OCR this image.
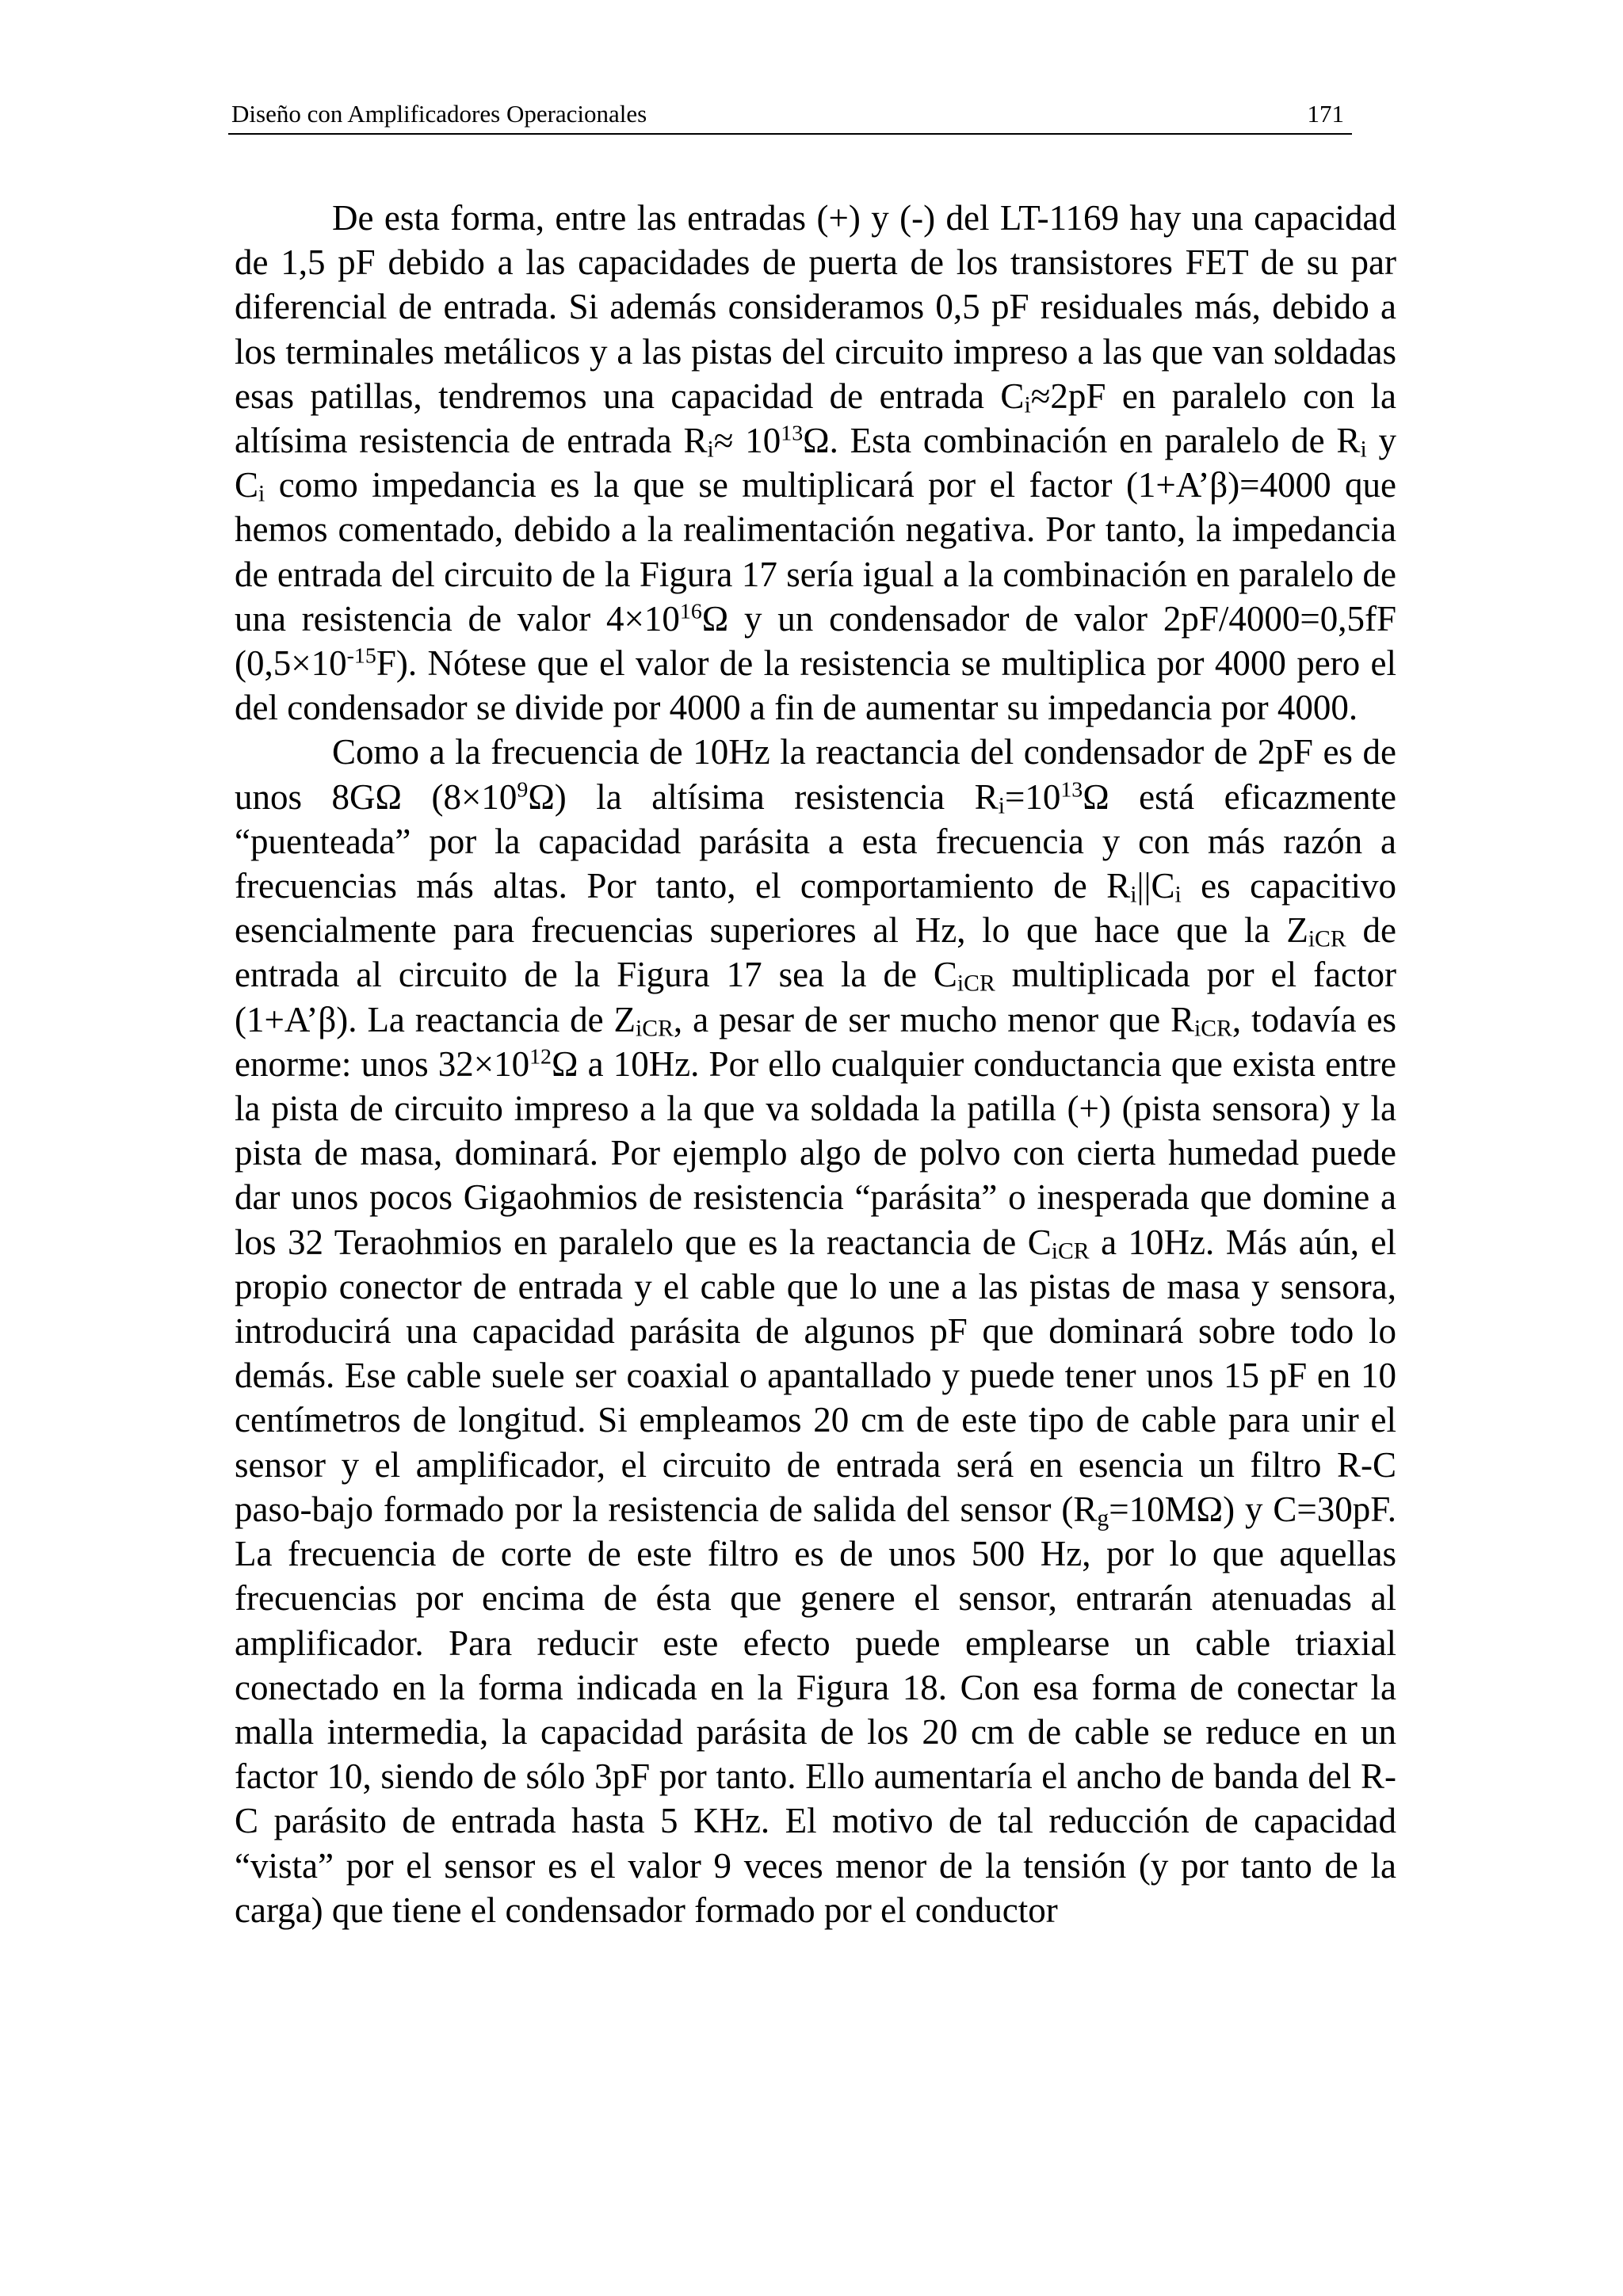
Diseño con Amplificadores Operacionales	171

De esta forma, entre las entradas (+) y (-) del LT-1169 hay una capacidad de 1,5 pF debido a las capacidades de puerta de los transistores FET de su par diferencial de entrada. Si además consideramos 0,5 pF residuales más, debido a los terminales metálicos y a las pistas del circuito impreso a las que van soldadas esas patillas, tendremos una capacidad de entrada $C_i\approx 2pF$ en paralelo con la altísima resistencia de entrada $R_i\approx 10^{13}\Omega$. Esta combinación en paralelo de $R_i$ y $C_i$ como impedancia es la que se multiplicará por el factor (1+A’β)=4000 que hemos comentado, debido a la realimentación negativa. Por tanto, la impedancia de entrada del circuito de la Figura 17 sería igual a la combinación en paralelo de una resistencia de valor $4\times 10^{16}\Omega$ y un condensador de valor 2pF/4000=0,5fF $(0,5\times 10^{-15}F)$. Nótese que el valor de la resistencia se multiplica por 4000 pero el del condensador se divide por 4000 a fin de aumentar su impedancia por 4000.

Como a la frecuencia de 10Hz la reactancia del condensador de 2pF es de unos 8GΩ $(8\times 10^9\Omega)$ la altísima resistencia $R_i=10^{13}\Omega$ está eficazmente “puenteada” por la capacidad parásita a esta frecuencia y con más razón a frecuencias más altas. Por tanto, el comportamiento de $R_i||C_i$ es capacitivo esencialmente para frecuencias superiores al Hz, lo que hace que la $Z_{iCR}$ de entrada al circuito de la Figura 17 sea la de $C_{iCR}$ multiplicada por el factor (1+A’β). La reactancia de $Z_{iCR}$, a pesar de ser mucho menor que $R_{iCR}$, todavía es enorme: unos $32\times 10^{12}\Omega$ a 10Hz. Por ello cualquier conductancia que exista entre la pista de circuito impreso a la que va soldada la patilla (+) (pista sensora) y la pista de masa, dominará. Por ejemplo algo de polvo con cierta humedad puede dar unos pocos Gigaohmios de resistencia “parásita” o inesperada que domine a los 32 Teraohmios en paralelo que es la reactancia de $C_{iCR}$ a 10Hz. Más aún, el propio conector de entrada y el cable que lo une a las pistas de masa y sensora, introducirá una capacidad parásita de algunos pF que dominará sobre todo lo demás. Ese cable suele ser coaxial o apantallado y puede tener unos 15 pF en 10 centímetros de longitud. Si empleamos 20 cm de este tipo de cable para unir el sensor y el amplificador, el circuito de entrada será en esencia un filtro R-C paso-bajo formado por la resistencia de salida del sensor $(R_g=10M\Omega)$ y C=30pF. La frecuencia de corte de este filtro es de unos 500 Hz, por lo que aquellas frecuencias por encima de ésta que genere el sensor, entrarán atenuadas al amplificador. Para reducir este efecto puede emplearse un cable triaxial conectado en la forma indicada en la Figura 18. Con esa forma de conectar la malla intermedia, la capacidad parásita de los 20 cm de cable se reduce en un factor 10, siendo de sólo 3pF por tanto. Ello aumentaría el ancho de banda del R-C parásito de entrada hasta 5 KHz. El motivo de tal reducción de capacidad “vista” por el sensor es el valor 9 veces menor de la tensión (y por tanto de la carga) que tiene el condensador formado por el conductor
